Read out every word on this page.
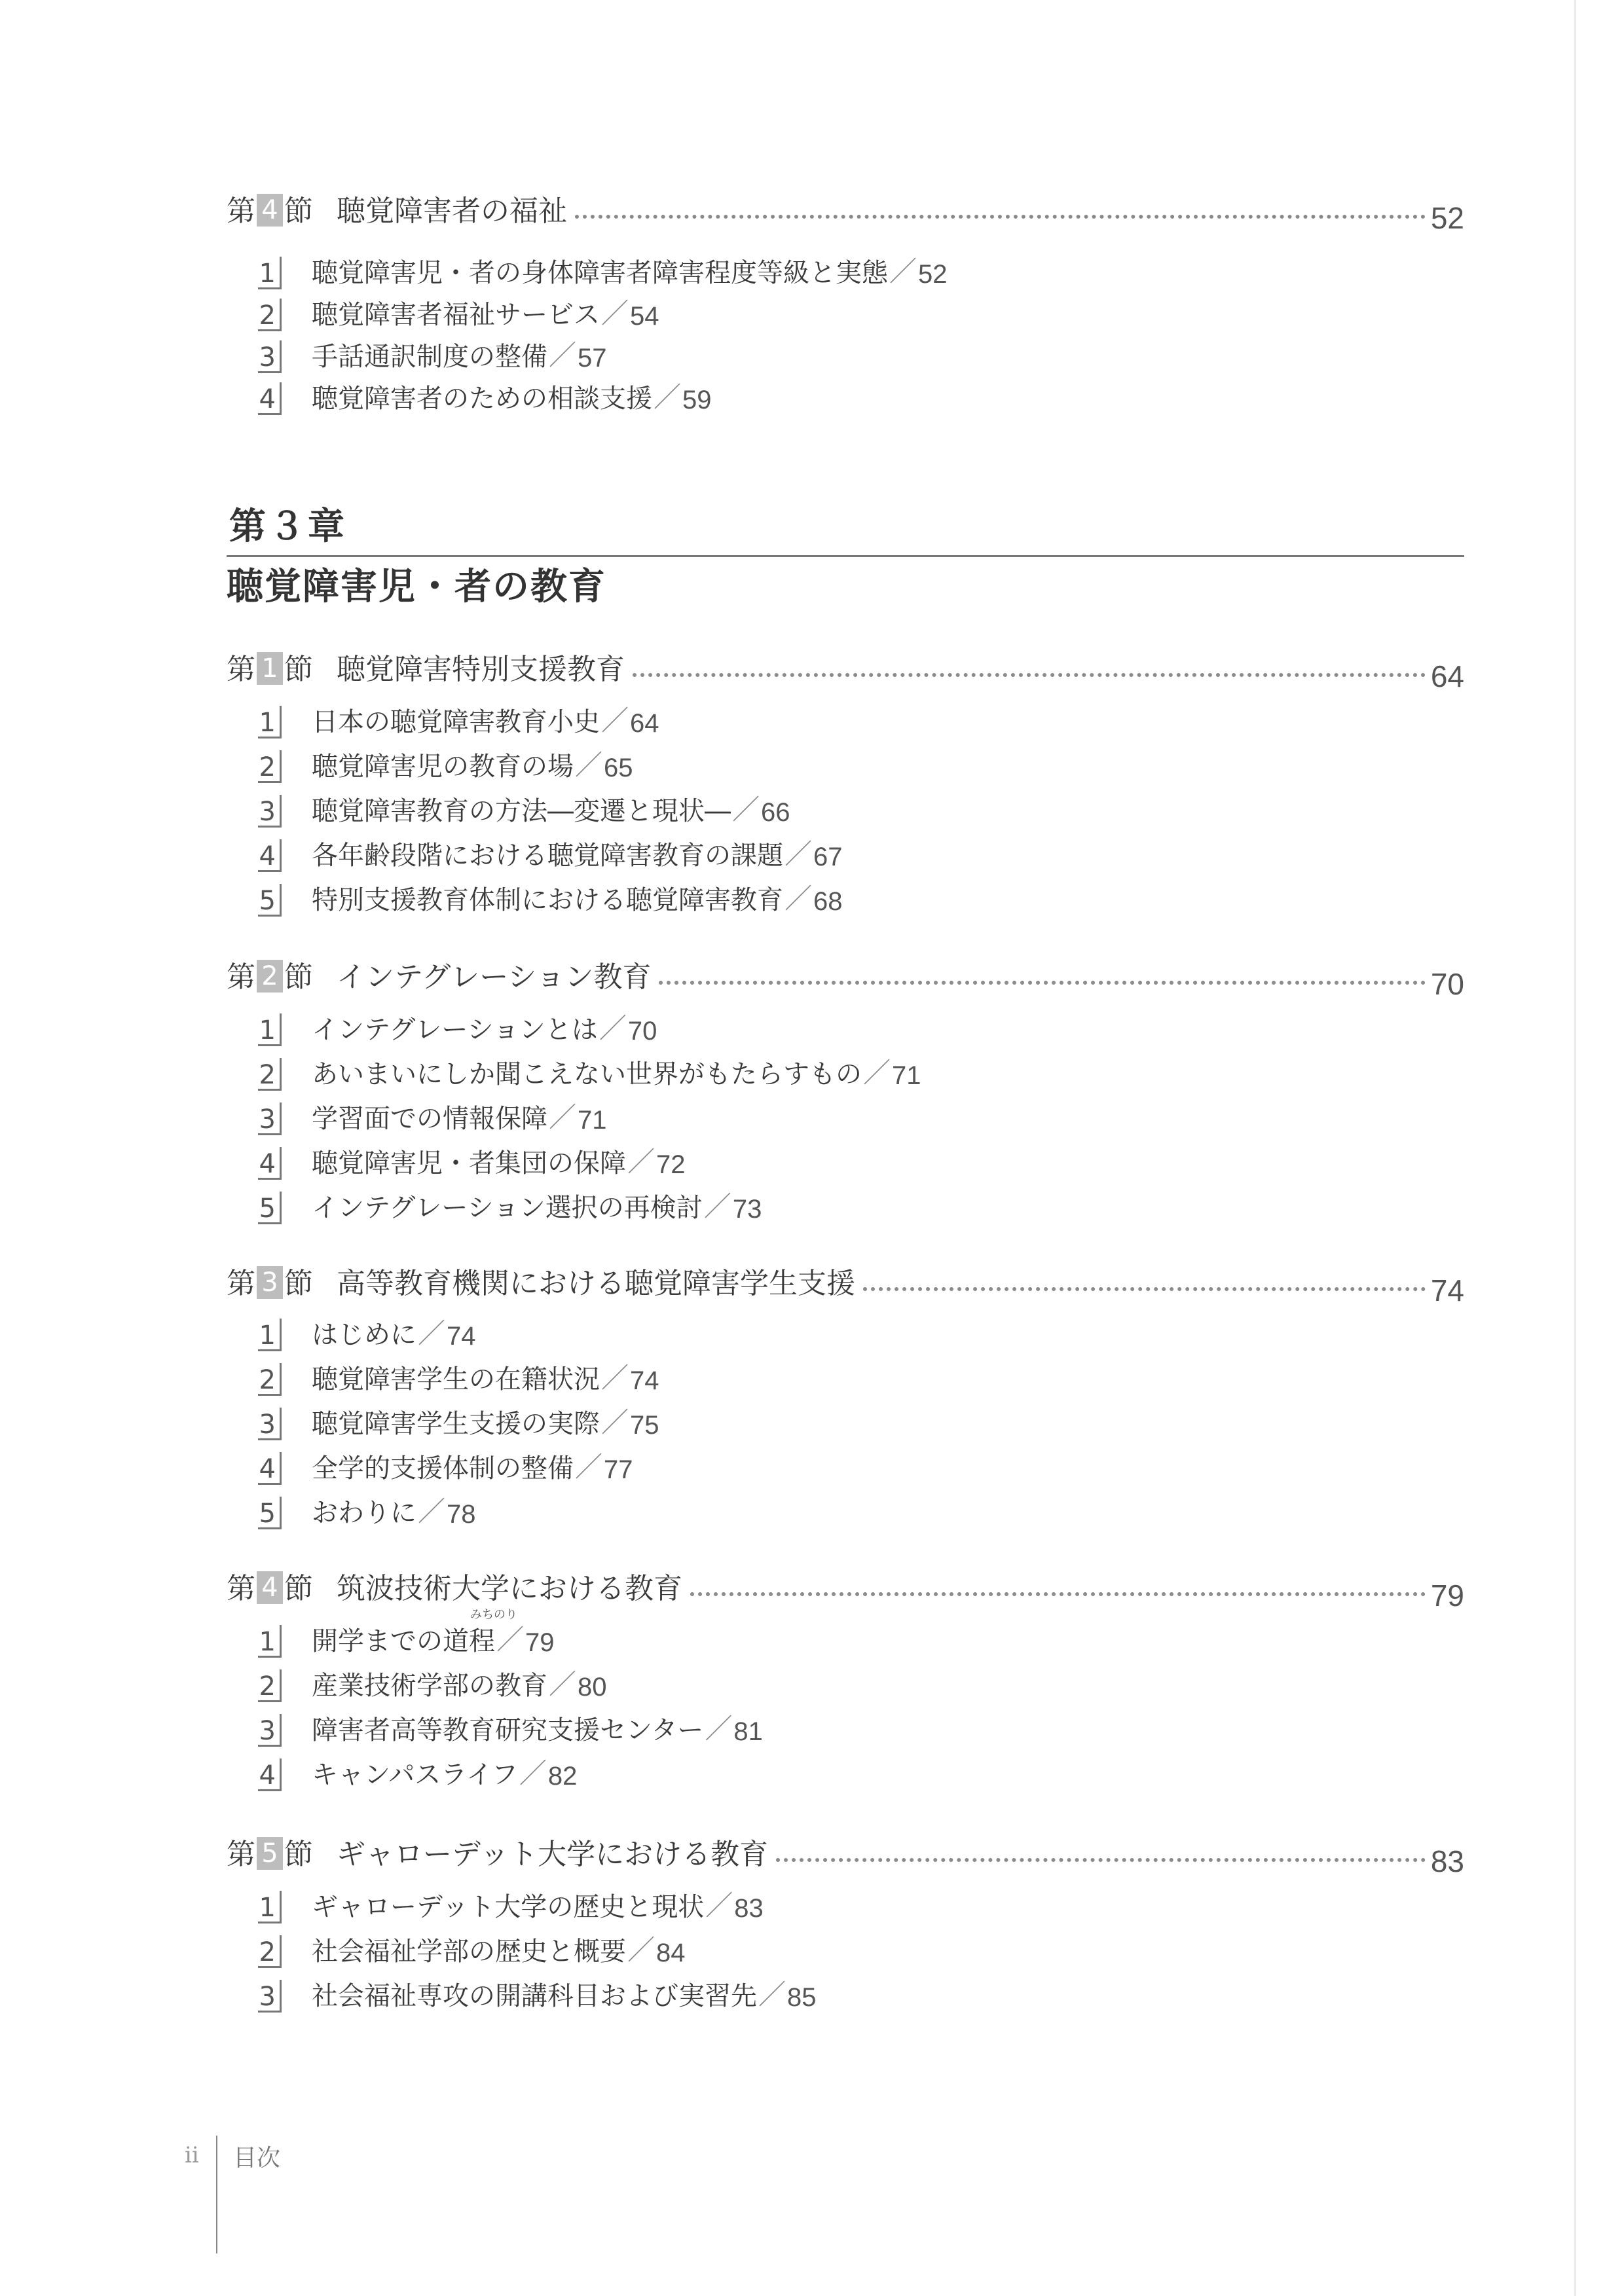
第 4 節 聴覚障害者の福祉	52
1 聴覚障害児・者の身体障害者障害程度等級と実態 ／ 52
2 聴覚障害者福祉サービス ／ 54
3 手話通訳制度の整備 ／ 57
4 聴覚障害者のための相談支援 ／ 59
第３章
聴覚障害児・者の教育
第 1 節 聴覚障害特別支援教育	64
1 日本の聴覚障害教育小史 ／ 64
2 聴覚障害児の教育の場 ／ 65
3 聴覚障害教育の方法―変遷と現状― ／ 66
4 各年齢段階における聴覚障害教育の課題 ／ 67
5 特別支援教育体制における聴覚障害教育 ／ 68
第 2 節 インテグレーション教育	70
1 インテグレーションとは ／ 70
2 あいまいにしか聞こえない世界がもたらすもの ／ 71
3 学習面での情報保障 ／ 71
4 聴覚障害児・者集団の保障 ／ 72
5 インテグレーション選択の再検討 ／ 73
第 3 節 高等教育機関における聴覚障害学生支援	74
1 はじめに ／ 74
2 聴覚障害学生の在籍状況 ／ 74
3 聴覚障害学生支援の実際 ／ 75
4 全学的支援体制の整備 ／ 77
5 おわりに ／ 78
第 4 節 筑波技術大学における教育	79
みちのり
1 開学までの道程 ／ 79
2 産業技術学部の教育 ／ 80
3 障害者高等教育研究支援センター ／ 81
4 キャンパスライフ ／ 82
第 5 節 ギャローデット大学における教育	83
1 ギャローデット大学の歴史と現状 ／ 83
2 社会福祉学部の歴史と概要 ／ 84
3 社会福祉専攻の開講科目および実習先 ／ 85
ii 目次
